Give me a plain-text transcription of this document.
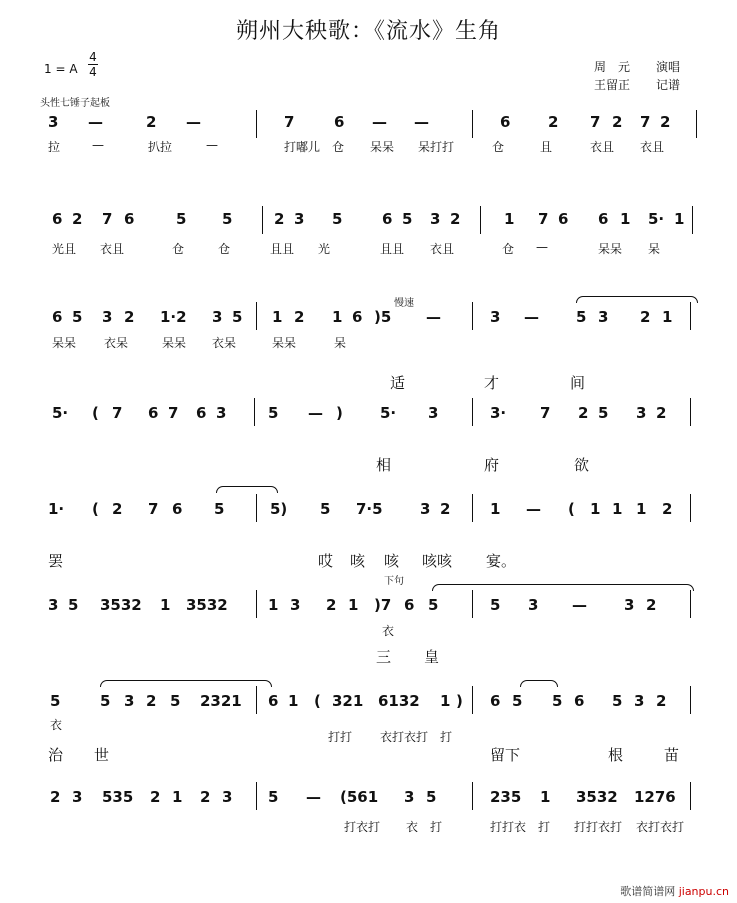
朔州大秧歌：《流水》生角
1 = A
4
4	周　元 演唱
王留正 记谱
头性七锤子起板
3 —	2 —	7	6 — —	6	2 7 2 7 2
拉	—	扒拉	—	打嘟儿 仓 呆呆 呆打打	仓	且	衣且 衣且
6 2 7 6	5 5	2 3 5	6 5 3 2	1 7 6 6 1 5· 1
光且 衣且	仓	仓	且且 光	且且 衣且	仓 —	呆呆 呆
慢速
6 5 3 2 1·2 3 5 1 2 1 6 )5 —	3 — 5 3 2 1
呆呆 衣呆	呆呆 衣呆	呆呆	呆
适	才	间
5· ( 7 6 7 6 3	5 — ) 5· 3	3· 7 2 5 3 2
相	府	欲
1· ( 2 7 6 5	5) 5 7·5 3 2	1 — ( 1 1 1 2
罢	哎 咳 咳 咳咳 宴。
下句
3 5 3532 1 3532	1 3 2 1 )7 6 5	5 3 — 3 2
衣
三 皇
5	5 3 2 5 2321 6 1 ( 321 6132 1 ) 6 5 5 6 5 3 2
衣
打打 衣打衣打 打
治 世	留下	根	苗
2 3 535 2 1 2 3 5 — (561 3 5	235 1 3532 1276
打衣打 衣 打	打打衣 打 打打衣打 衣打衣打
歌谱简谱网 jianpu.cn
